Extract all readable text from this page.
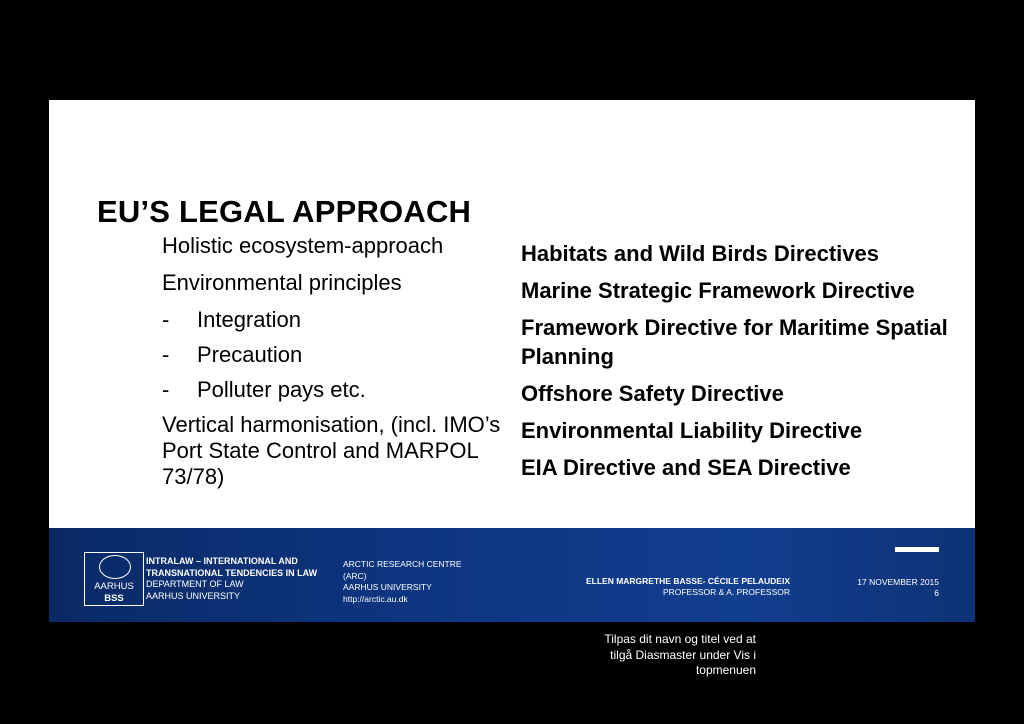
EU’S LEGAL APPROACH
Holistic ecosystem-approach
Environmental principles
- Integration
- Precaution
- Polluter pays etc.
Vertical harmonisation, (incl. IMO’s Port State Control and MARPOL 73/78)
Habitats and Wild Birds Directives
Marine Strategic Framework Directive
Framework Directive for Maritime Spatial Planning
Offshore Safety Directive
Environmental Liability Directive
EIA Directive and SEA Directive
AARHUS
BSS
INTRALAW – INTERNATIONAL AND
TRANSNATIONAL TENDENCIES IN LAW
DEPARTMENT OF LAW
AARHUS UNIVERSITY
ARCTIC RESEARCH CENTRE
(ARC)
AARHUS UNIVERSITY
http://arctic.au.dk
ELLEN MARGRETHE BASSE- CÉCILE PELAUDEIX
PROFESSOR & A. PROFESSOR
17 NOVEMBER 2015
6
Tilpas dit navn og titel ved at tilgå Diasmaster under Vis i topmenuen
